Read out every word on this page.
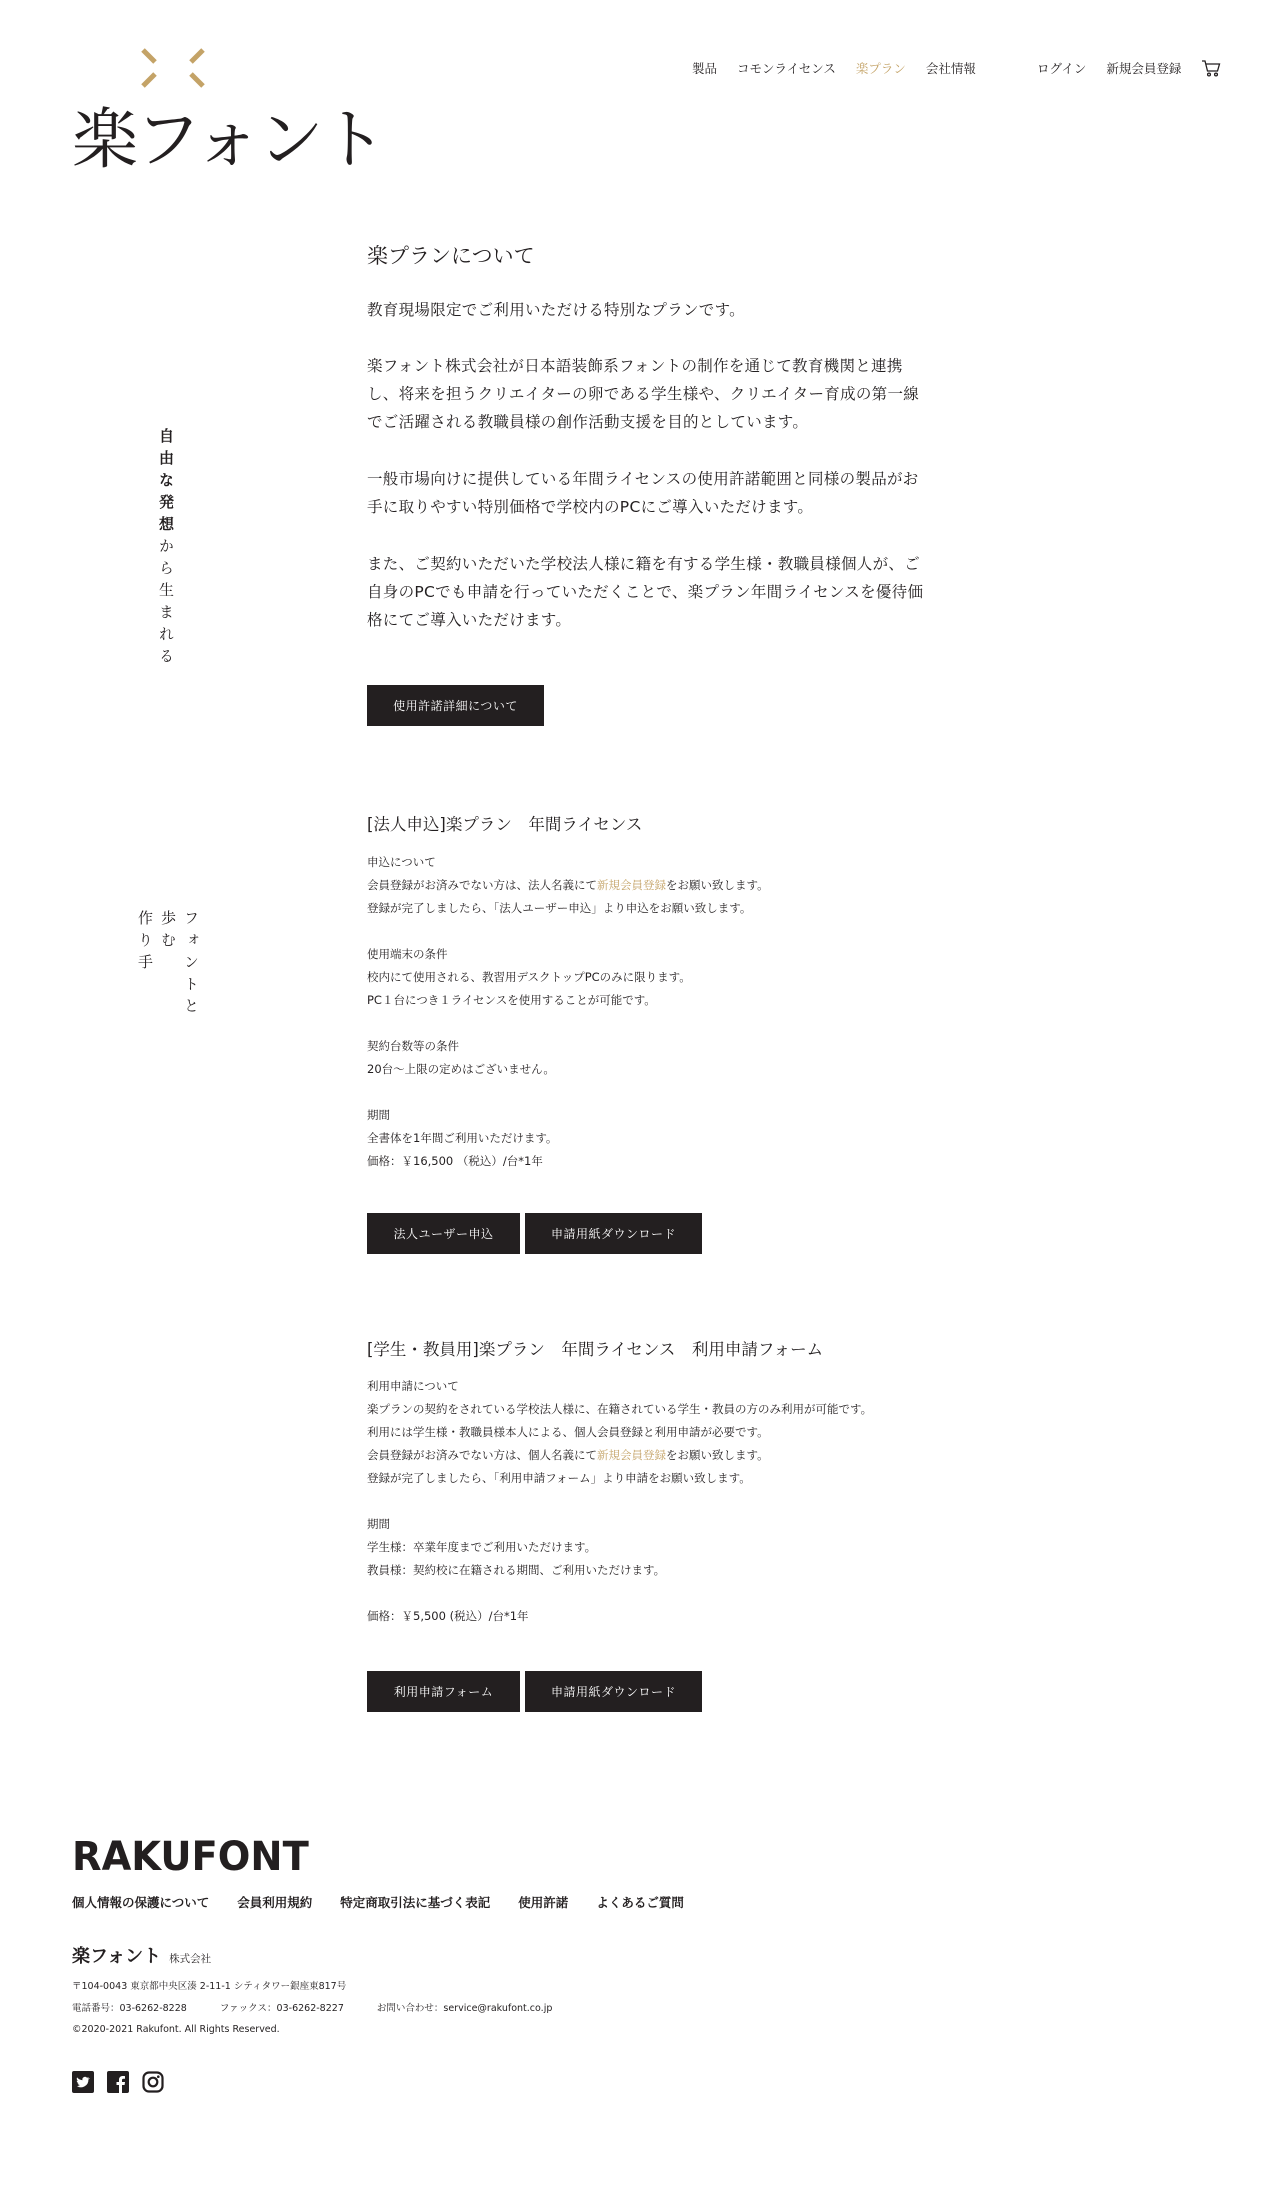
楽フォント
製品 コモンライセンス 楽プラン 会社情報	ログイン 新規会員登録
自由な発想から生まれる
フォントと
歩む
作り手
楽プランについて

教育現場限定でご利用いただける特別なプランです。

楽フォント株式会社が日本語装飾系フォントの制作を通じて教育機関と連携し、将来を担うクリエイターの卵である学生様や、クリエイター育成の第一線でご活躍される教職員様の創作活動支援を目的としています。

一般市場向けに提供している年間ライセンスの使用許諾範囲と同様の製品がお手に取りやすい特別価格で学校内のPCにご導入いただけます。

また、ご契約いただいた学校法人様に籍を有する学生様・教職員様個人が、ご自身のPCでも申請を行っていただくことで、楽プラン年間ライセンスを優待価格にてご導入いただけます。

使用許諾詳細について
[法人申込]楽プラン　年間ライセンス
申込について
会員登録がお済みでない方は、法人名義にて新規会員登録をお願い致します。
登録が完了しましたら、「法人ユーザー申込」より申込をお願い致します。

使用端末の条件
校内にて使用される、教習用デスクトップPCのみに限ります。
PC１台につき１ライセンスを使用することが可能です。

契約台数等の条件
20台〜上限の定めはございません。

期間
全書体を1年間ご利用いただけます。
価格：￥16,500 （税込）/台*1年
法人ユーザー申込	申請用紙ダウンロード
[学生・教員用]楽プラン　年間ライセンス　利用申請フォーム
利用申請について
楽プランの契約をされている学校法人様に、在籍されている学生・教員の方のみ利用が可能です。
利用には学生様・教職員様本人による、個人会員登録と利用申請が必要です。
会員登録がお済みでない方は、個人名義にて新規会員登録をお願い致します。
登録が完了しましたら、「利用申請フォーム」より申請をお願い致します。

期間
学生様：卒業年度までご利用いただけます。
教員様：契約校に在籍される期間、ご利用いただけます。

価格：￥5,500 (税込）/台*1年
利用申請フォーム	申請用紙ダウンロード
RAKUFONT
個人情報の保護について 会員利用規約 特定商取引法に基づく表記 使用許諾 よくあるご質問
楽フォント 株式会社
〒104-0043 東京都中央区湊 2-11-1 シティタワー銀座東817号
電話番号：03-6262-8228	ファックス：03-6262-8227	お問い合わせ：service@rakufont.co.jp
©2020-2021 Rakufont. All Rights Reserved.
